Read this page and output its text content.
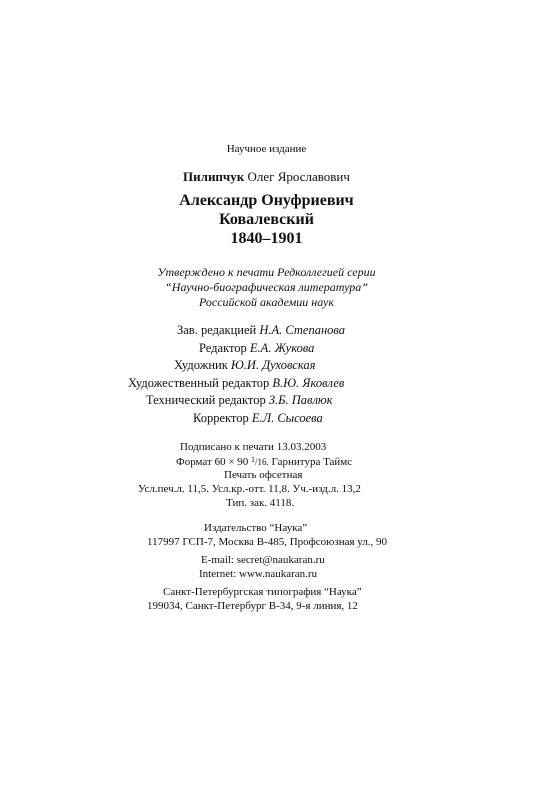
Научное издание
Пилипчук Олег Ярославович
Александр Онуфриевич
Ковалевский
1840–1901
Утверждено к печати Редколлегией серии
“Научно-биографическая литература”
Российской академии наук
Зав. редакцией Н.А. Степанова
Редактор Е.А. Жукова
Художник Ю.И. Духовская
Художественный редактор В.Ю. Яковлев
Технический редактор З.Б. Павлюк
Корректор Е.Л. Сысоева
Подписано к печати 13.03.2003
Формат 60 × 90 $^1$/16. Гарнитура Таймс
Печать офсетная
Усл.печ.л. 11,5. Усл.кр.-отт. 11,8. Уч.-изд.л. 13,2
Тип. зак. 4118.
Издательство “Наука”
117997 ГСП-7, Москва В-485, Профсоюзная ул., 90
E-mail: secret@naukaran.ru
Internet: www.naukaran.ru
Санкт-Петербургская типография “Наука”
199034, Санкт-Петербург В-34, 9-я линия, 12
